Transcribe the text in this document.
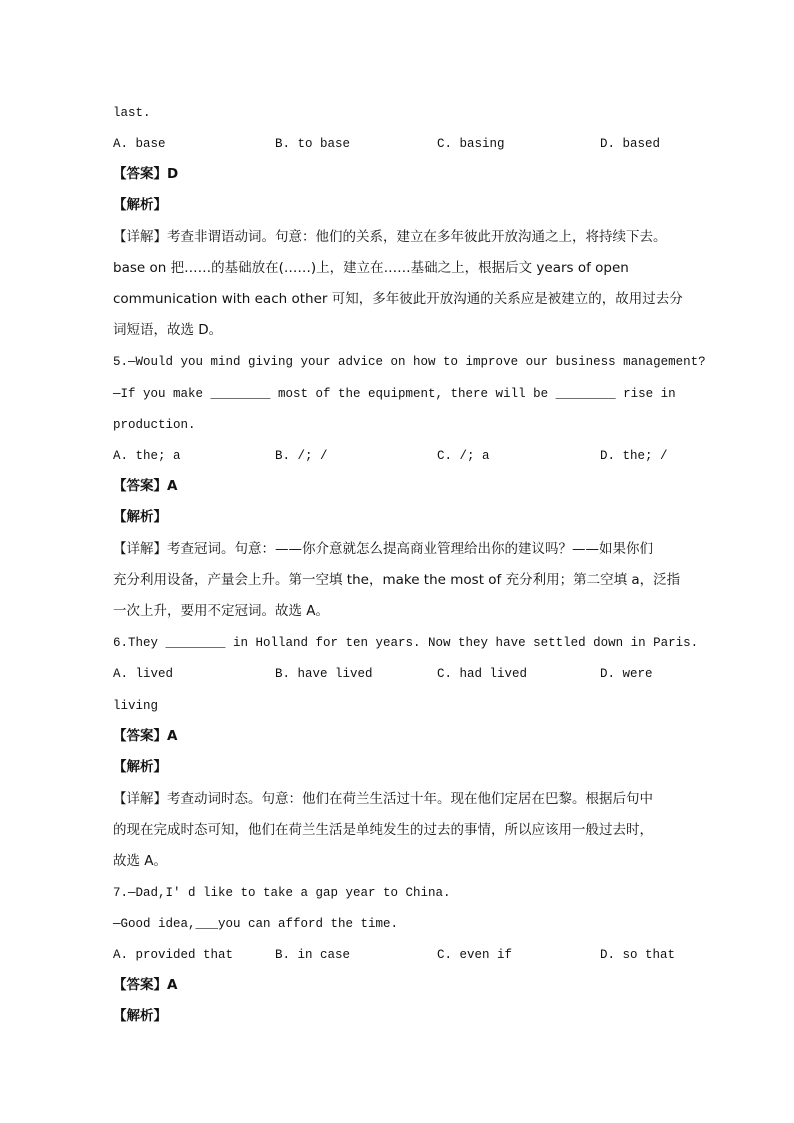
last.
A. base	B. to base	C. basing	D. based
【答案】D
【解析】
【详解】考查非谓语动词。句意：他们的关系，建立在多年彼此开放沟通之上，将持续下去。
base on 把……的基础放在(……)上，建立在……基础之上，根据后文 years of open
communication with each other 可知，多年彼此开放沟通的关系应是被建立的，故用过去分
词短语，故选 D。
5.—Would you mind giving your advice on how to improve our business management?
—If you make ________ most of the equipment, there will be ________ rise in
production.
A. the; a	B. /; /	C. /; a	D. the; /
【答案】A
【解析】
【详解】考查冠词。句意：——你介意就怎么提高商业管理给出你的建议吗？——如果你们
充分利用设备，产量会上升。第一空填 the，make the most of 充分利用；第二空填 a，泛指
一次上升，要用不定冠词。故选 A。
6.They ________ in Holland for ten years. Now they have settled down in Paris.
A. lived	B. have lived	C. had lived	D. were
living
【答案】A
【解析】
【详解】考查动词时态。句意：他们在荷兰生活过十年。现在他们定居在巴黎。根据后句中
的现在完成时态可知，他们在荷兰生活是单纯发生的过去的事情，所以应该用一般过去时，
故选 A。
7.—Dad,I' d like to take a gap year to China.
—Good idea,___you can afford the time.
A. provided that	B. in case	C. even if	D. so that
【答案】A
【解析】
